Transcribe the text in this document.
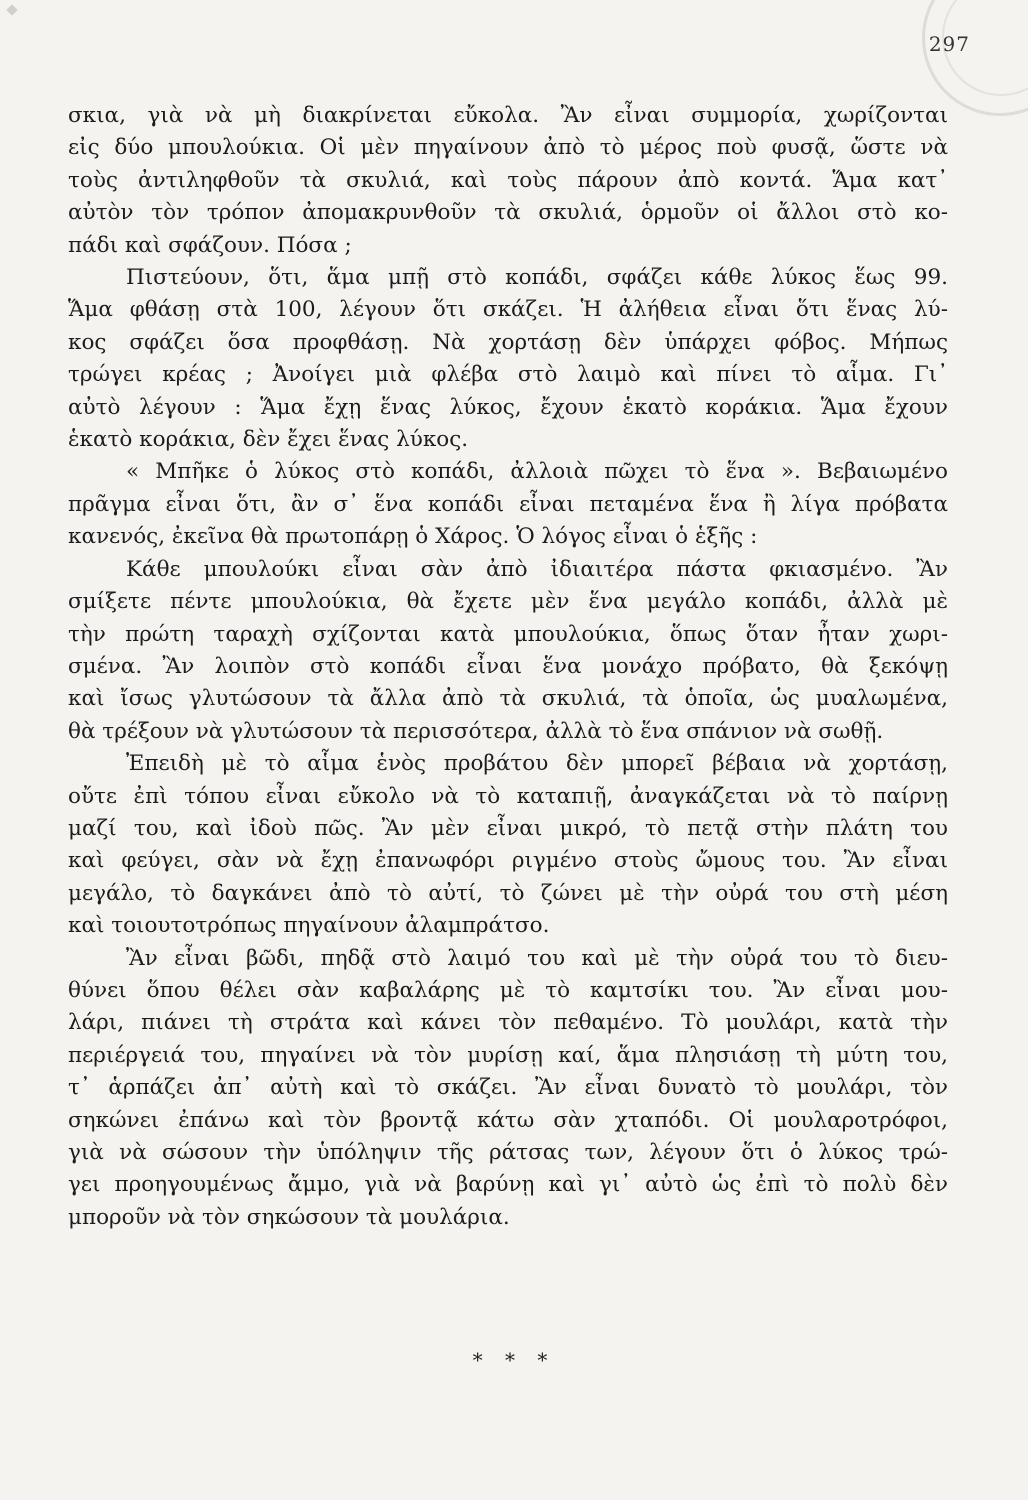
297
σκια, γιὰ νὰ μὴ διακρίνεται εὔκολα. Ἂν εἶναι συμμορία, χωρίζονται
εἰς δύο μπουλούκια. Οἱ μὲν πηγαίνουν ἀπὸ τὸ μέρος ποὺ φυσᾷ, ὥστε νὰ
τοὺς ἀντιληφθοῦν τὰ σκυλιά, καὶ τοὺς πάρουν ἀπὸ κοντά. Ἅμα κατ᾿
αὐτὸν τὸν τρόπον ἀπομακρυνθοῦν τὰ σκυλιά, ὁρμοῦν οἱ ἄλλοι στὸ κο-
πάδι καὶ σφάζουν. Πόσα ;
Πιστεύουν, ὅτι, ἅμα μπῇ στὸ κοπάδι, σφάζει κάθε λύκος ἕως 99.
Ἅμα φθάσῃ στὰ 100, λέγουν ὅτι σκάζει. Ἡ ἀλήθεια εἶναι ὅτι ἕνας λύ-
κος σφάζει ὅσα προφθάσῃ. Νὰ χορτάσῃ δὲν ὑπάρχει φόβος. Μήπως
τρώγει κρέας ; Ἀνοίγει μιὰ φλέβα στὸ λαιμὸ καὶ πίνει τὸ αἷμα. Γι᾿
αὐτὸ λέγουν : Ἅμα ἔχῃ ἕνας λύκος, ἔχουν ἑκατὸ κοράκια. Ἅμα ἔχουν
ἑκατὸ κοράκια, δὲν ἔχει ἕνας λύκος.
« Μπῆκε ὁ λύκος στὸ κοπάδι, ἀλλοιὰ πῶχει τὸ ἕνα ». Βεβαιωμένο
πρᾶγμα εἶναι ὅτι, ἂν σ᾿ ἕνα κοπάδι εἶναι πεταμένα ἕνα ἢ λίγα πρόβατα
κανενός, ἐκεῖνα θὰ πρωτοπάρῃ ὁ Χάρος. Ὁ λόγος εἶναι ὁ ἑξῆς :
Κάθε μπουλούκι εἶναι σὰν ἀπὸ ἰδιαιτέρα πάστα φκιασμένο. Ἂν
σμίξετε πέντε μπουλούκια, θὰ ἔχετε μὲν ἕνα μεγάλο κοπάδι, ἀλλὰ μὲ
τὴν πρώτη ταραχὴ σχίζονται κατὰ μπουλούκια, ὅπως ὅταν ἦταν χωρι-
σμένα. Ἂν λοιπὸν στὸ κοπάδι εἶναι ἕνα μονάχο πρόβατο, θὰ ξεκόψῃ
καὶ ἴσως γλυτώσουν τὰ ἄλλα ἀπὸ τὰ σκυλιά, τὰ ὁποῖα, ὡς μυαλωμένα,
θὰ τρέξουν νὰ γλυτώσουν τὰ περισσότερα, ἀλλὰ τὸ ἕνα σπάνιον νὰ σωθῇ.
Ἐπειδὴ μὲ τὸ αἷμα ἑνὸς προβάτου δὲν μπορεῖ βέβαια νὰ χορτάσῃ,
οὔτε ἐπὶ τόπου εἶναι εὔκολο νὰ τὸ καταπιῇ, ἀναγκάζεται νὰ τὸ παίρνῃ
μαζί του, καὶ ἰδοὺ πῶς. Ἂν μὲν εἶναι μικρό, τὸ πετᾷ στὴν πλάτη του
καὶ φεύγει, σὰν νὰ ἔχῃ ἐπανωφόρι ριγμένο στοὺς ὤμους του. Ἂν εἶναι
μεγάλο, τὸ δαγκάνει ἀπὸ τὸ αὐτί, τὸ ζώνει μὲ τὴν οὐρά του στὴ μέση
καὶ τοιουτοτρόπως πηγαίνουν ἀλαμπράτσο.
Ἂν εἶναι βῶδι, πηδᾷ στὸ λαιμό του καὶ μὲ τὴν οὐρά του τὸ διευ-
θύνει ὅπου θέλει σὰν καβαλάρης μὲ τὸ καμτσίκι του. Ἂν εἶναι μου-
λάρι, πιάνει τὴ στράτα καὶ κάνει τὸν πεθαμένο. Τὸ μουλάρι, κατὰ τὴν
περιέργειά του, πηγαίνει νὰ τὸν μυρίσῃ καί, ἅμα πλησιάσῃ τὴ μύτη του,
τ᾿ ἁρπάζει ἀπ᾿ αὐτὴ καὶ τὸ σκάζει. Ἂν εἶναι δυνατὸ τὸ μουλάρι, τὸν
σηκώνει ἐπάνω καὶ τὸν βροντᾷ κάτω σὰν χταπόδι. Οἱ μουλαροτρόφοι,
γιὰ νὰ σώσουν τὴν ὑπόληψιν τῆς ράτσας των, λέγουν ὅτι ὁ λύκος τρώ-
γει προηγουμένως ἄμμο, γιὰ νὰ βαρύνῃ καὶ γι᾿ αὐτὸ ὡς ἐπὶ τὸ πολὺ δὲν
μποροῦν νὰ τὸν σηκώσουν τὰ μουλάρια.
* * *
